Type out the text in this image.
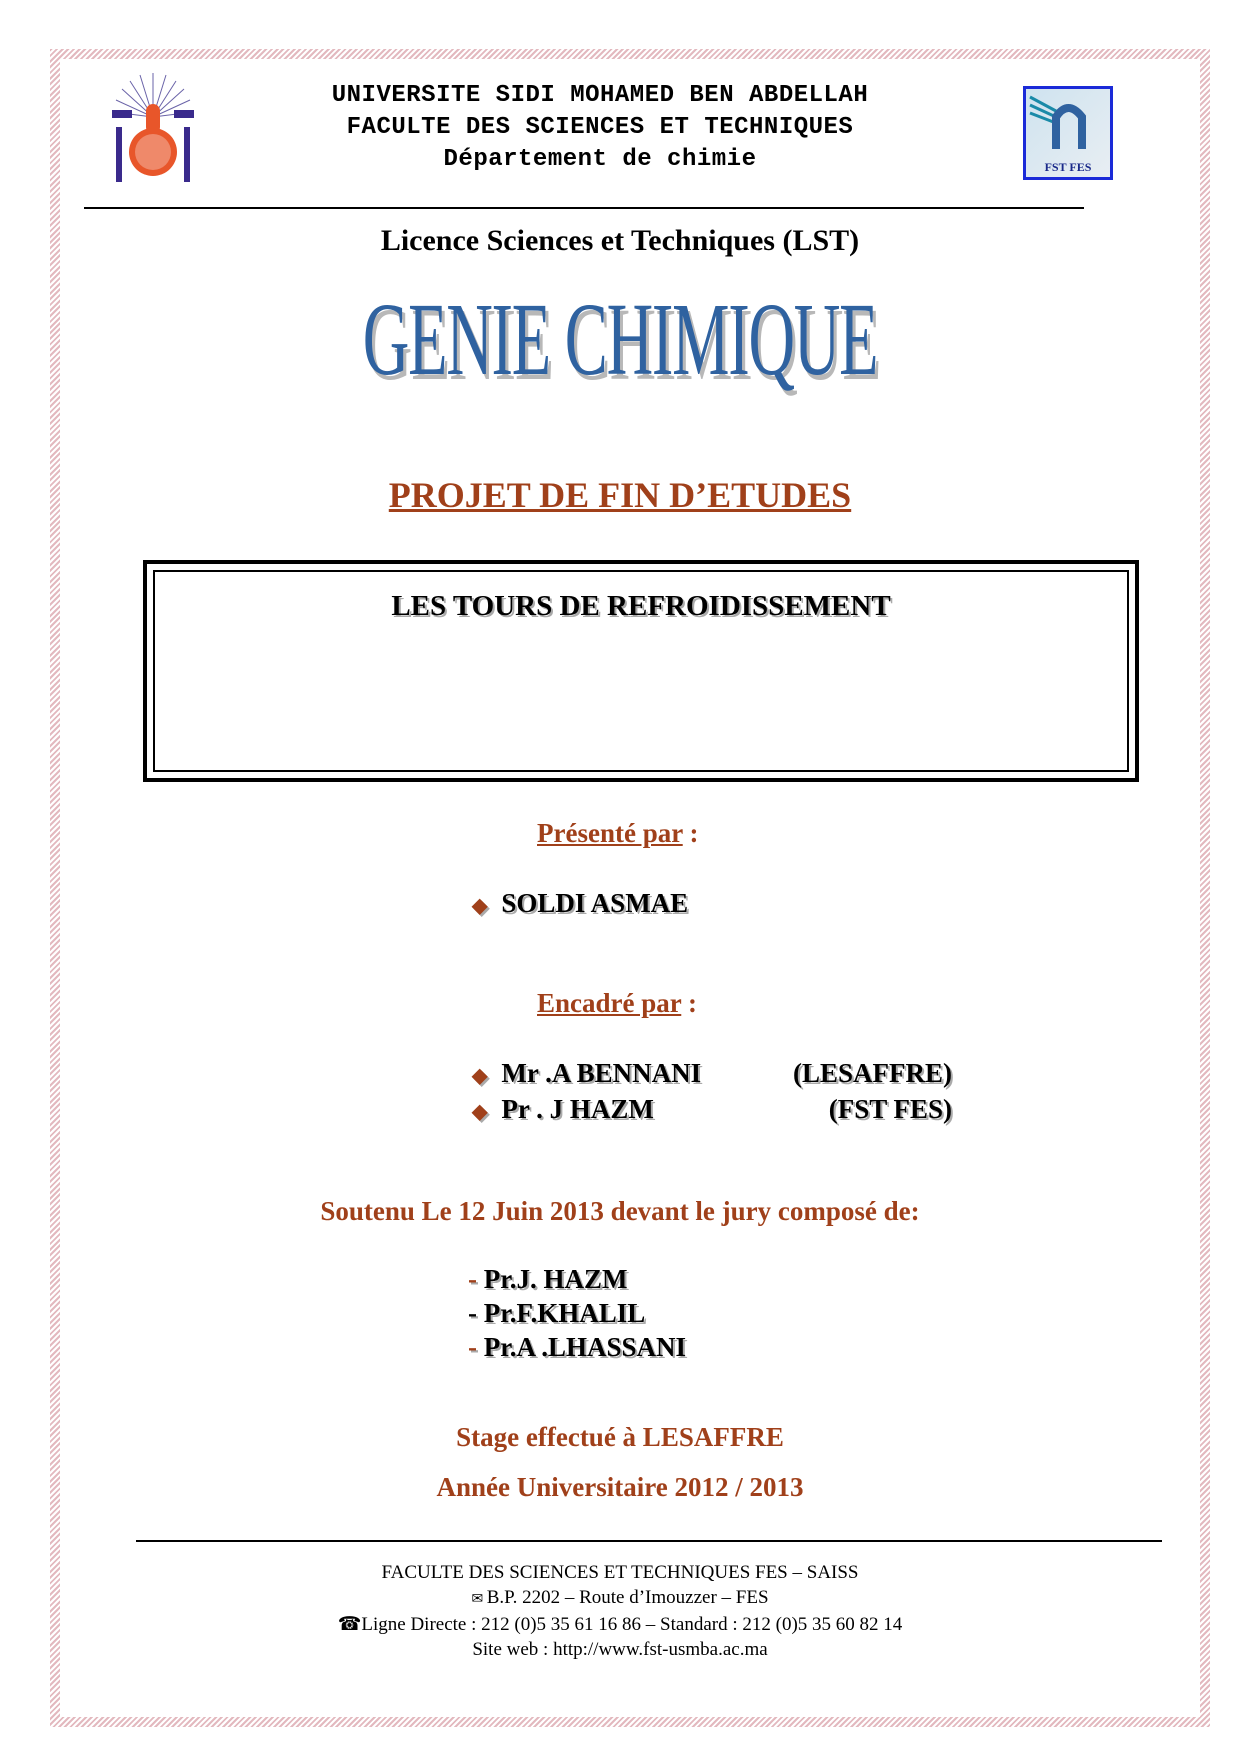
UNIVERSITE SIDI MOHAMED BEN ABDELLAH
FACULTE DES SCIENCES ET TECHNIQUES
Département de chimie	FST FES
Licence Sciences et Techniques (LST)
GENIE CHIMIQUE
PROJET DE FIN D’ETUDES
LES TOURS DE REFROIDISSEMENT
Présenté par :
◆ SOLDI ASMAE
Encadré par :
◆ Mr .A BENNANI	(LESAFFRE)
◆ Pr . J HAZM	(FST FES)
Soutenu Le 12 Juin 2013 devant le jury composé de:
- Pr.J. HAZM
- Pr.F.KHALIL
- Pr.A .LHASSANI
Stage effectué à LESAFFRE
Année Universitaire 2012 / 2013
FACULTE DES SCIENCES ET TECHNIQUES FES – SAISS
✉ B.P. 2202 – Route d’Imouzzer – FES
☎Ligne Directe : 212 (0)5 35 61 16 86 – Standard : 212 (0)5 35 60 82 14
Site web : http://www.fst-usmba.ac.ma
